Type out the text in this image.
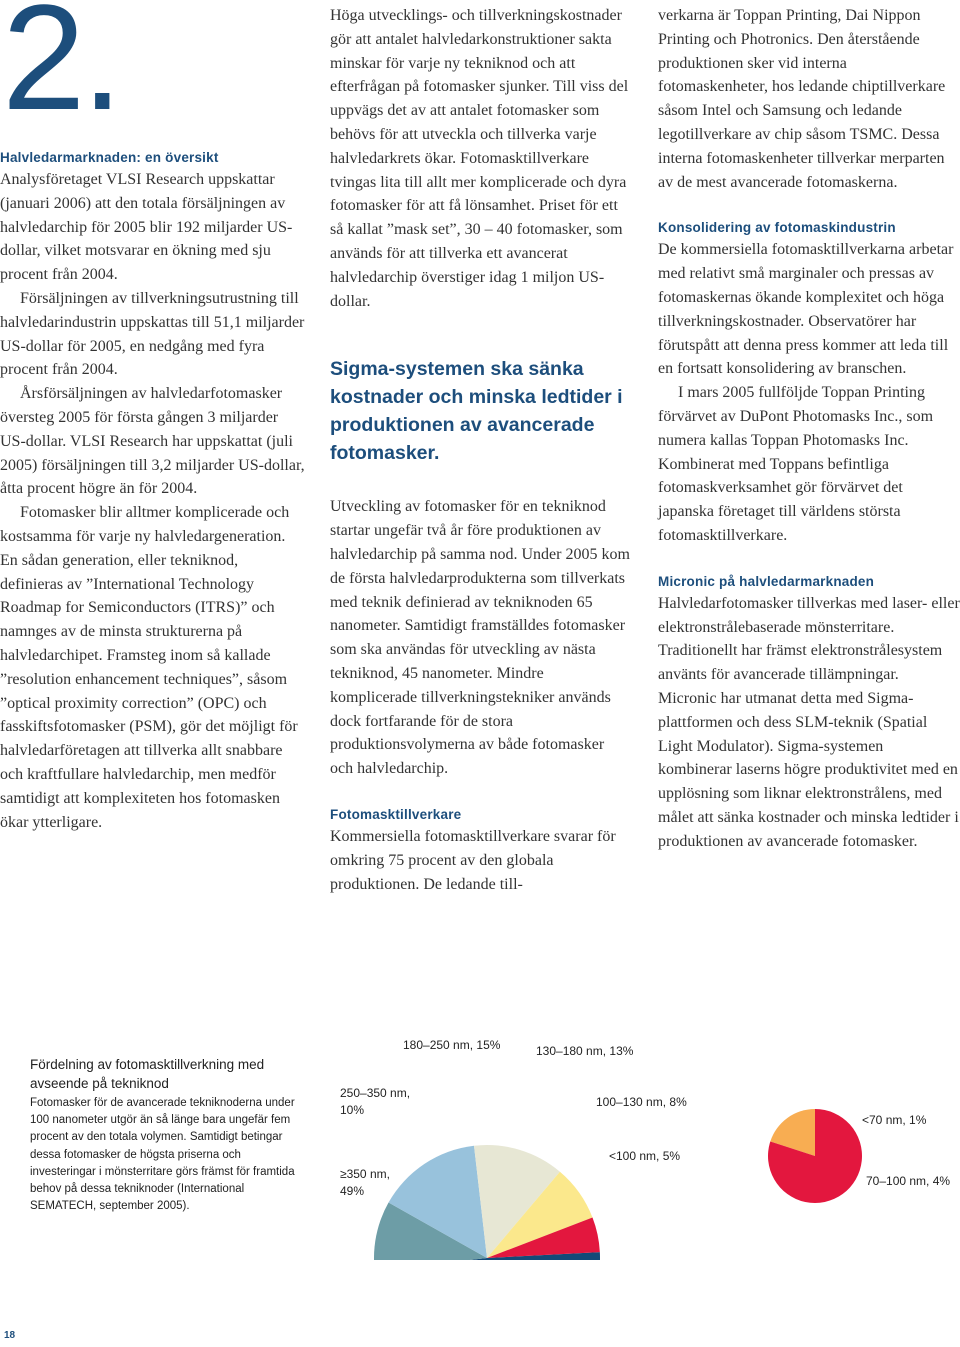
2.

Halvledarmarknaden: en översikt

Analysföretaget VLSI Research uppskattar (januari 2006) att den totala försäljningen av halvledarchip för 2005 blir 192 miljarder US-dollar, vilket motsvarar en ökning med sju procent från 2004.

Försäljningen av tillverkningsutrustning till halvledarindustrin uppskattas till 51,1 miljarder US-dollar för 2005, en nedgång med fyra procent från 2004.

Årsförsäljningen av halvledarfotomasker översteg 2005 för första gången 3 miljarder US-dollar. VLSI Research har uppskattat (juli 2005) försäljningen till 3,2 miljarder US-dollar, åtta procent högre än för 2004.

Fotomasker blir alltmer komplicerade och kostsamma för varje ny halvledargeneration. En sådan generation, eller tekniknod, definieras av ”International Technology Roadmap for Semiconductors (ITRS)” och namnges av de minsta strukturerna på halvledarchipet. Framsteg inom så kallade ”resolution enhancement techniques”, såsom ”optical proximity correction” (OPC) och fasskiftsfotomasker (PSM), gör det möjligt för halvledarföretagen att tillverka allt snabbare och kraftfullare halvledarchip, men medför samtidigt att komplexiteten hos fotomasken ökar ytterligare.

Höga utvecklings- och tillverkningskostnader gör att antalet halvledarkonstruktioner sakta minskar för varje ny tekniknod och att efterfrågan på fotomasker sjunker. Till viss del uppvägs det av att antalet fotomasker som behövs för att utveckla och tillverka varje halvledarkrets ökar. Fotomasktillverkare tvingas lita till allt mer komplicerade och dyra fotomasker för att få lönsamhet. Priset för ett så kallat ”mask set”, 30 – 40 fotomasker, som används för att tillverka ett avancerat halvledarchip överstiger idag 1 miljon US-dollar.

Sigma-systemen ska sänka kostnader och minska ledtider i produktionen av avancerade fotomasker.

Utveckling av fotomasker för en tekniknod startar ungefär två år före produktionen av halvledarchip på samma nod. Under 2005 kom de första halvledarprodukterna som tillverkats med teknik definierad av tekniknoden 65 nanometer. Samtidigt framställdes fotomasker som ska användas för utveckling av nästa tekniknod, 45 nanometer. Mindre komplicerade tillverkningstekniker används dock fortfarande för de stora produktionsvolymerna av både fotomasker och halvledarchip.

Fotomasktillverkare

Kommersiella fotomasktillverkare svarar för omkring 75 procent av den globala produktionen. De ledande till-

verkarna är Toppan Printing, Dai Nippon Printing och Photronics. Den återstående produktionen sker vid interna fotomaskenheter, hos ledande chiptillverkare såsom Intel och Samsung och ledande legotillverkare av chip såsom TSMC. Dessa interna fotomaskenheter tillverkar merparten av de mest avancerade fotomaskerna.

Konsolidering av fotomaskindustrin

De kommersiella fotomasktillverkarna arbetar med relativt små marginaler och pressas av fotomaskernas ökande komplexitet och höga tillverkningskostnader. Observatörer har förutspått att denna press kommer att leda till en fortsatt konsolidering av branschen.

I mars 2005 fullföljde Toppan Printing förvärvet av DuPont Photomasks Inc., som numera kallas Toppan Photomasks Inc. Kombinerat med Toppans befintliga fotomaskverksamhet gör förvärvet det japanska företaget till världens största fotomasktillverkare.

Micronic på halvledarmarknaden

Halvledarfotomasker tillverkas med laser- eller elektronstrålebaserade mönsterritare. Traditionellt har främst elektronstrålesystem använts för avancerade tillämpningar. Micronic har utmanat detta med Sigma-plattformen och dess SLM-teknik (Spatial Light Modulator). Sigma-systemen kombinerar laserns högre produktivitet med en upplösning som liknar elektronstrålens, med målet att sänka kostnader och minska ledtider i produktionen av avancerade fotomasker.

Fördelning av fotomasktillverkning med avseende på tekniknod

Fotomasker för de avancerade tekniknoderna under 100 nanometer utgör än så länge bara ungefär fem procent av den totala volymen. Samtidigt betingar dessa fotomasker de högsta priserna och investeringar i mönsterritare görs främst för framtida behov på dessa tekniknoder (International SEMATECH, september 2005).

≥350 nm, 49%
250–350 nm, 10%
180–250 nm, 15%	130–180 nm, 13%
100–130 nm, 8%
<100 nm, 5%
<70 nm, 1%
70–100 nm, 4%
18
